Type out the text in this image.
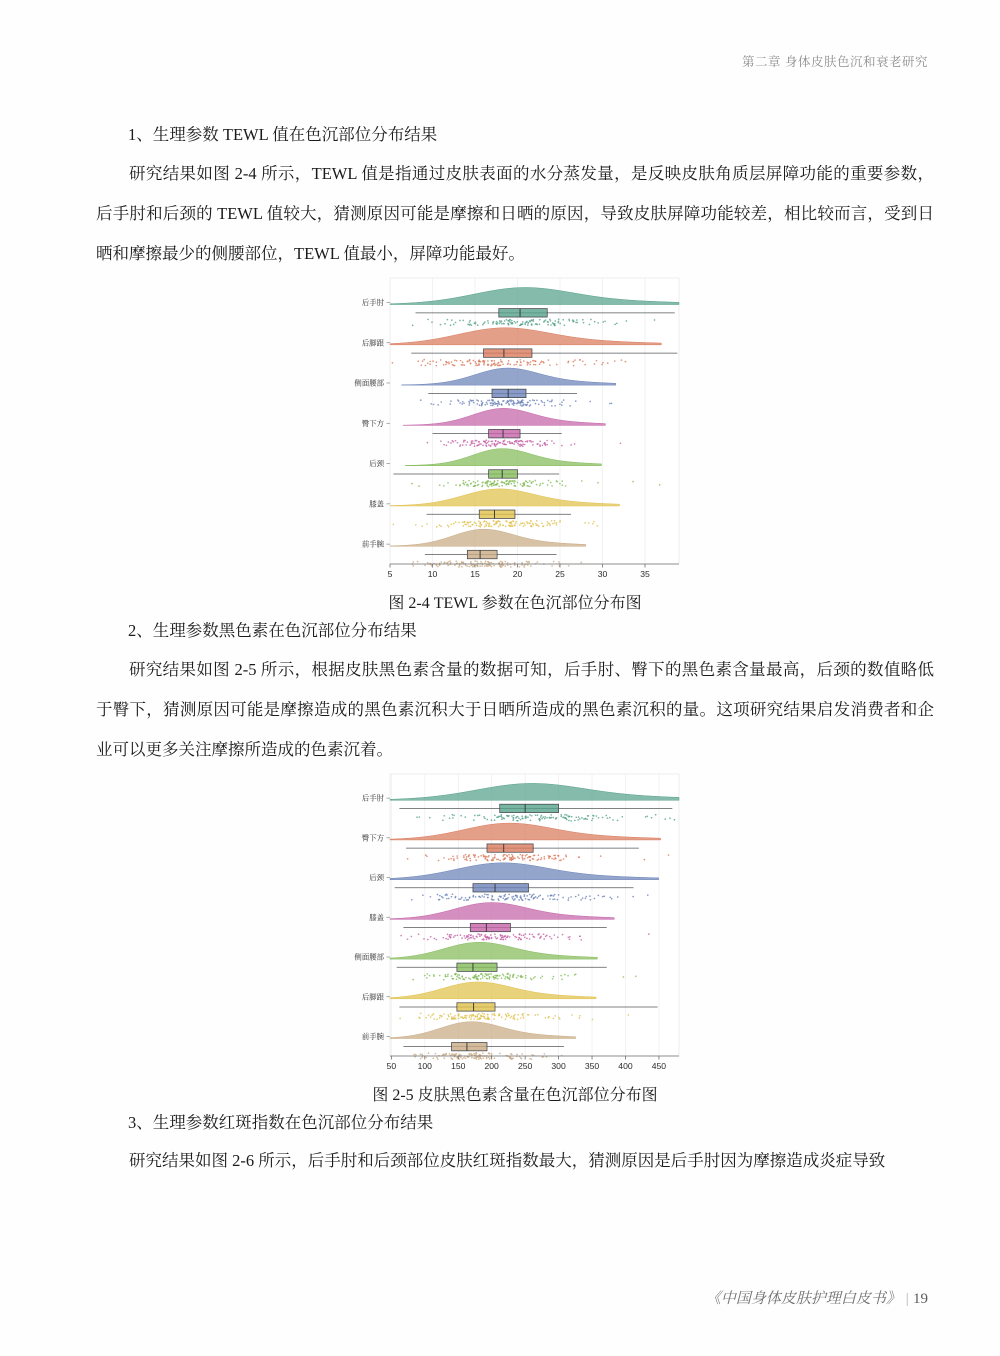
第二章 身体皮肤色沉和衰老研究

1、生理参数 TEWL 值在色沉部位分布结果

研究结果如图 2-4 所示，TEWL 值是指通过皮肤表面的水分蒸发量，是反映皮肤角质层屏障功能的重要参数，后手肘和后颈的 TEWL 值较大，猜测原因可能是摩擦和日晒的原因，导致皮肤屏障功能较差，相比较而言，受到日晒和摩擦最少的侧腰部位，TEWL 值最小，屏障功能最好。

后手肘
后脚跟
侧面腰部
臀下方
后颈
膝盖
前手腕
5	10	15	20	25	30	35
图 2-4 TEWL 参数在色沉部位分布图

2、生理参数黑色素在色沉部位分布结果

研究结果如图 2-5 所示，根据皮肤黑色素含量的数据可知，后手肘、臀下的黑色素含量最高，后颈的数值略低于臀下，猜测原因可能是摩擦造成的黑色素沉积大于日晒所造成的黑色素沉积的量。这项研究结果启发消费者和企业可以更多关注摩擦所造成的色素沉着。

后手肘
臀下方
后颈
膝盖
侧面腰部
后脚跟
前手腕
50 100 150 200 250 300 350 400 450
图 2-5 皮肤黑色素含量在色沉部位分布图

3、生理参数红斑指数在色沉部位分布结果

研究结果如图 2-6 所示，后手肘和后颈部位皮肤红斑指数最大，猜测原因是后手肘因为摩擦造成炎症导致

《中国身体皮肤护理白皮书》 | 19
